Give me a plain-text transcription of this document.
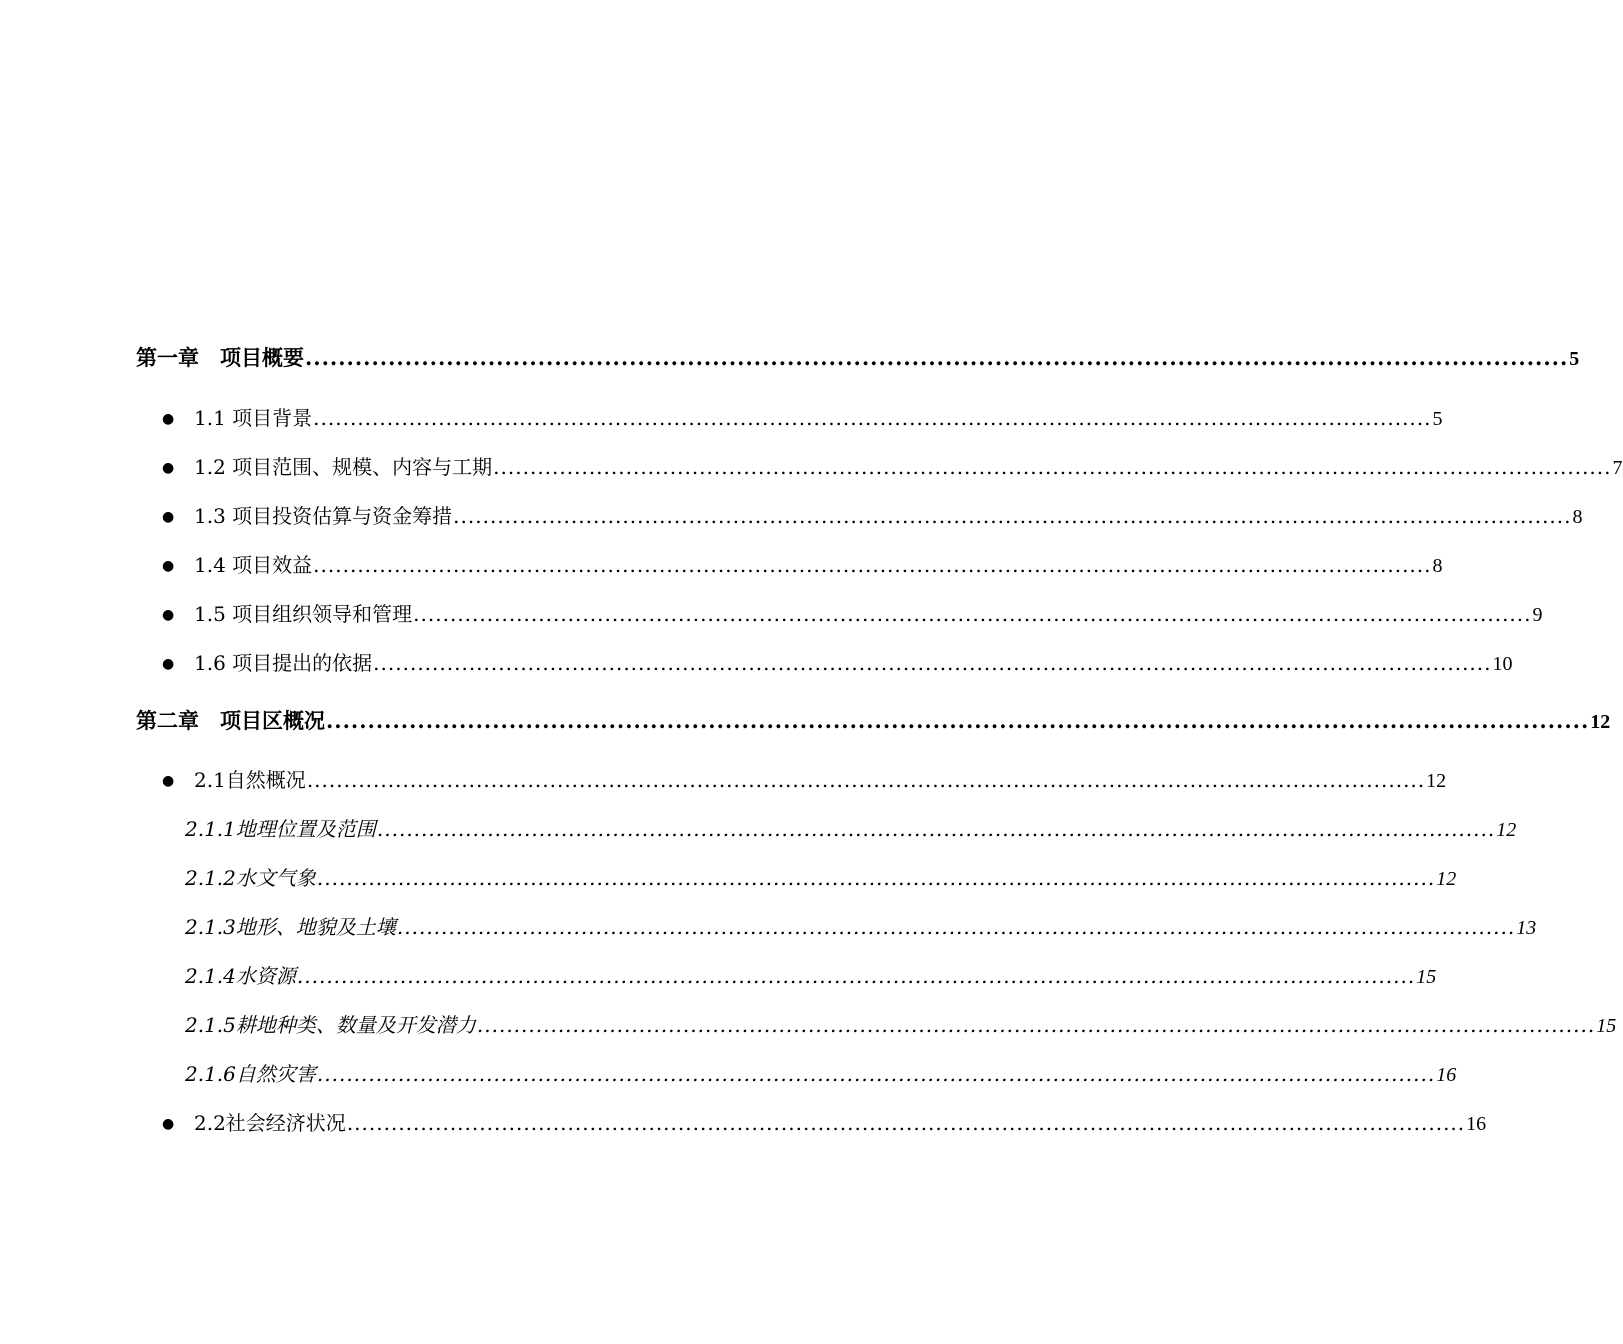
第一章　项目概要 ........................................................................................................................................................ 5
● 1.1 项目背景 ........................................................................................................................................................ 5
● 1.2 项目范围、规模、内容与工期 ........................................................................................................................................................ 7
● 1.3 项目投资估算与资金筹措 ........................................................................................................................................................ 8
● 1.4 项目效益 ........................................................................................................................................................ 8
● 1.5 项目组织领导和管理 ........................................................................................................................................................ 9
● 1.6 项目提出的依据 ........................................................................................................................................................ 10
第二章　项目区概况 ........................................................................................................................................................ 12
● 2.1自然概况 ........................................................................................................................................................ 12
2.1.1地理位置及范围 ........................................................................................................................................................ 12
2.1.2水文气象 ........................................................................................................................................................ 12
2.1.3地形、地貌及土壤 ........................................................................................................................................................ 13
2.1.4水资源 ........................................................................................................................................................ 15
2.1.5耕地种类、数量及开发潜力 ........................................................................................................................................................ 15
2.1.6自然灾害 ........................................................................................................................................................ 16
● 2.2社会经济状况 ........................................................................................................................................................ 16
